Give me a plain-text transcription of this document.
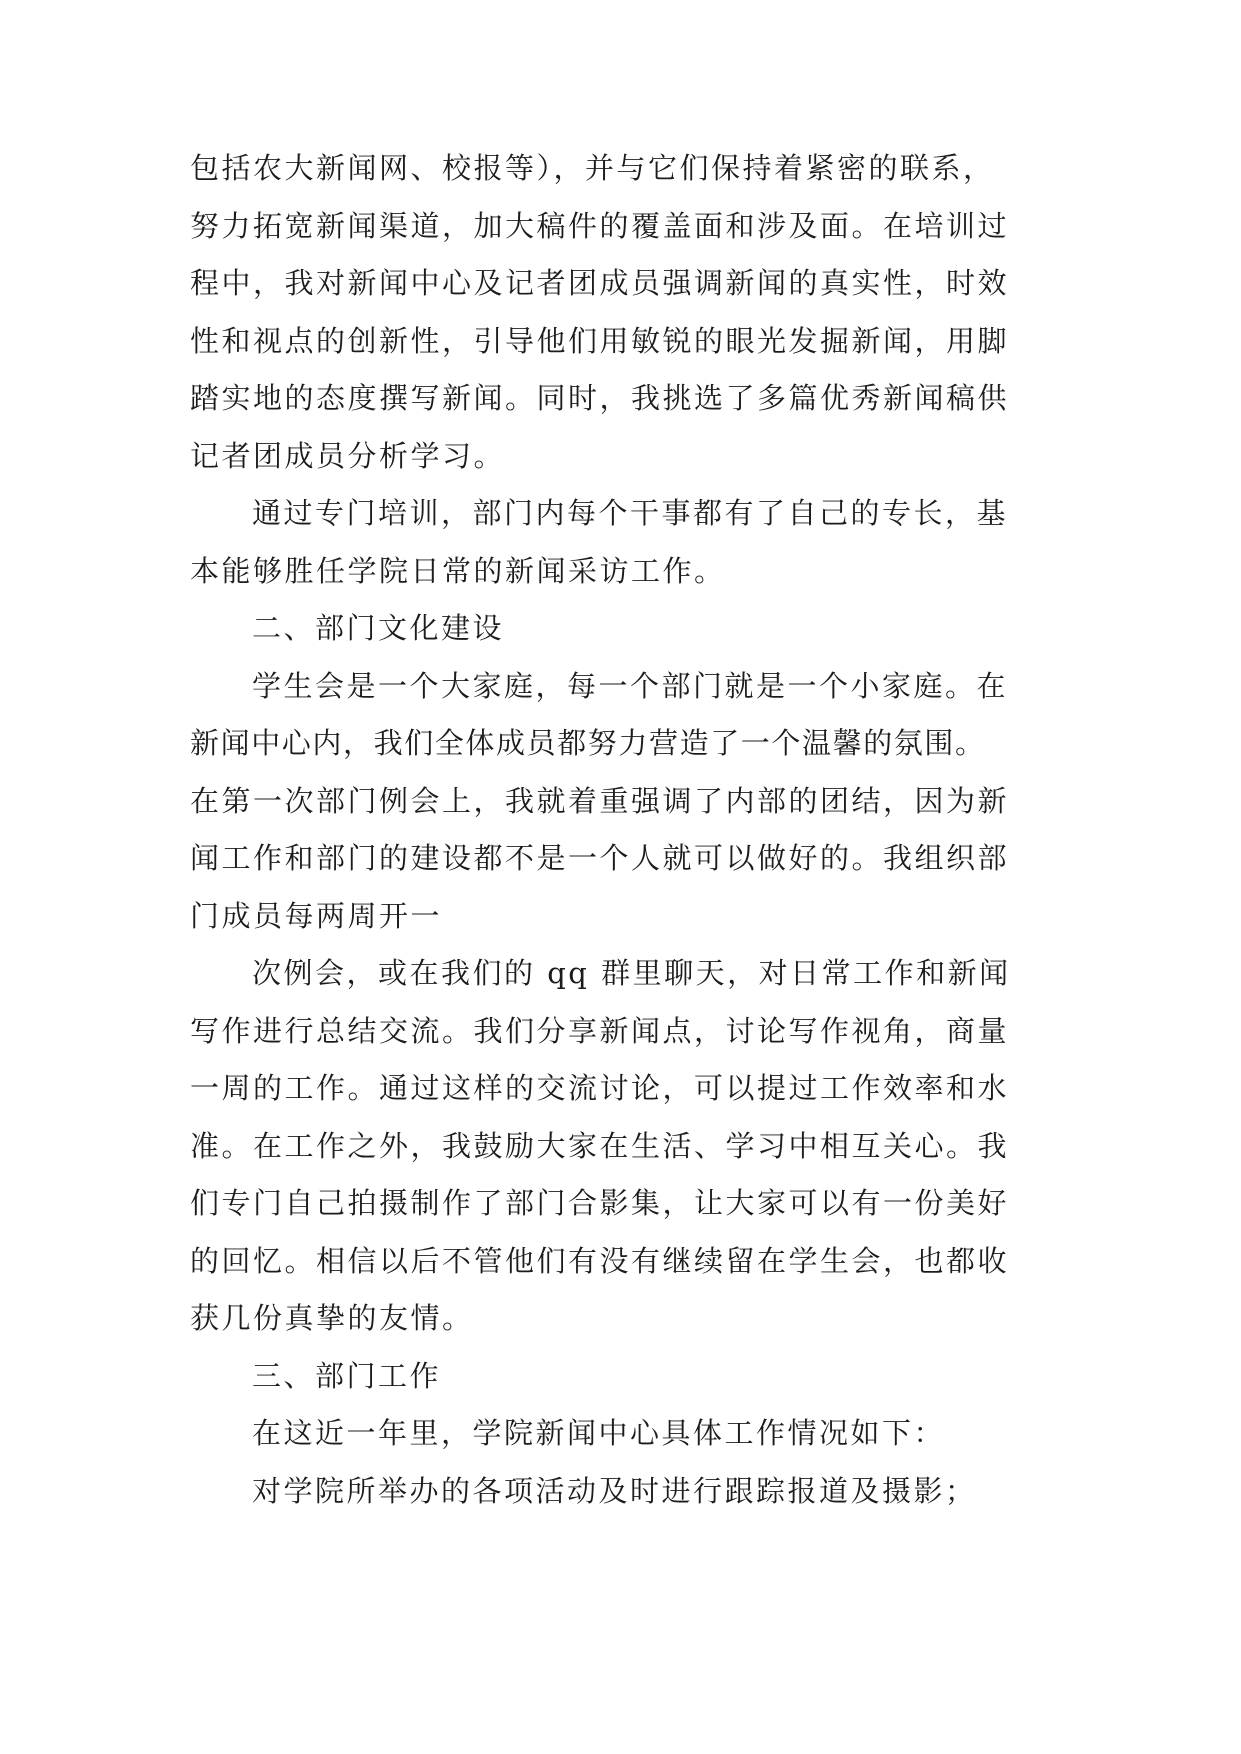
包括农大新闻网、校报等），并与它们保持着紧密的联系，
努力拓宽新闻渠道，加大稿件的覆盖面和涉及面。在培训过
程中，我对新闻中心及记者团成员强调新闻的真实性，时效
性和视点的创新性，引导他们用敏锐的眼光发掘新闻，用脚
踏实地的态度撰写新闻。同时，我挑选了多篇优秀新闻稿供
记者团成员分析学习。
通过专门培训，部门内每个干事都有了自己的专长，基
本能够胜任学院日常的新闻采访工作。
二、部门文化建设
学生会是一个大家庭，每一个部门就是一个小家庭。在
新闻中心内，我们全体成员都努力营造了一个温馨的氛围。
在第一次部门例会上，我就着重强调了内部的团结，因为新
闻工作和部门的建设都不是一个人就可以做好的。我组织部
门成员每两周开一
次例会，或在我们的 qq 群里聊天，对日常工作和新闻
写作进行总结交流。我们分享新闻点，讨论写作视角，商量
一周的工作。通过这样的交流讨论，可以提过工作效率和水
准。在工作之外，我鼓励大家在生活、学习中相互关心。我
们专门自己拍摄制作了部门合影集，让大家可以有一份美好
的回忆。相信以后不管他们有没有继续留在学生会，也都收
获几份真挚的友情。
三、部门工作
在这近一年里，学院新闻中心具体工作情况如下：
对学院所举办的各项活动及时进行跟踪报道及摄影；
